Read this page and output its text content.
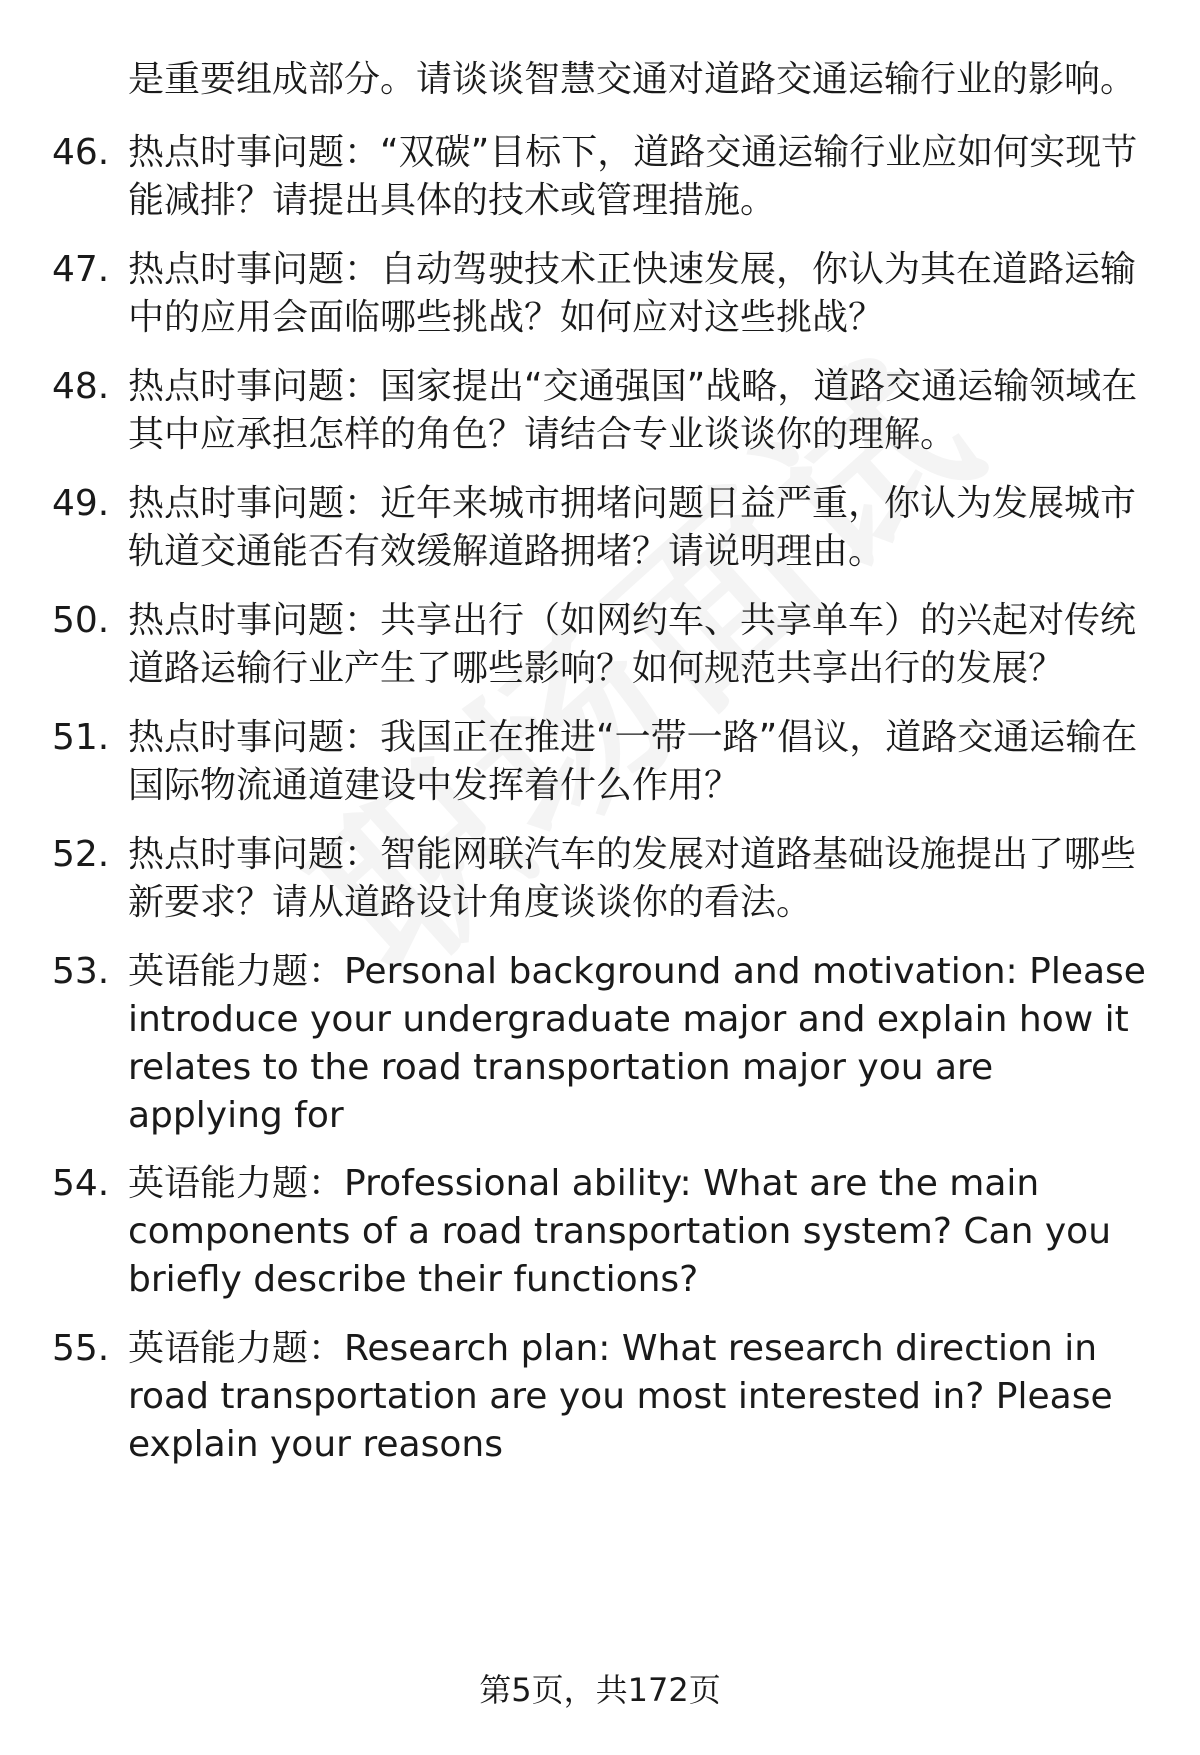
是重要组成部分。请谈谈智慧交通对道路交通运输行业的影响。
46. 热点时事问题：“双碳”目标下，道路交通运输行业应如何实现节能减排？请提出具体的技术或管理措施。
47. 热点时事问题：自动驾驶技术正快速发展，你认为其在道路运输中的应用会面临哪些挑战？如何应对这些挑战？
48. 热点时事问题：国家提出“交通强国”战略，道路交通运输领域在其中应承担怎样的角色？请结合专业谈谈你的理解。
49. 热点时事问题：近年来城市拥堵问题日益严重，你认为发展城市轨道交通能否有效缓解道路拥堵？请说明理由。
50. 热点时事问题：共享出行（如网约车、共享单车）的兴起对传统道路运输行业产生了哪些影响？如何规范共享出行的发展？
51. 热点时事问题：我国正在推进“一带一路”倡议，道路交通运输在国际物流通道建设中发挥着什么作用？
52. 热点时事问题：智能网联汽车的发展对道路基础设施提出了哪些新要求？请从道路设计角度谈谈你的看法。
53. 英语能力题：Personal background and motivation: Please introduce your undergraduate major and explain how it relates to the road transportation major you are applying for
54. 英语能力题：Professional ability: What are the main components of a road transportation system? Can you briefly describe their functions?
55. 英语能力题：Research plan: What research direction in road transportation are you most interested in? Please explain your reasons
第5页，共172页
